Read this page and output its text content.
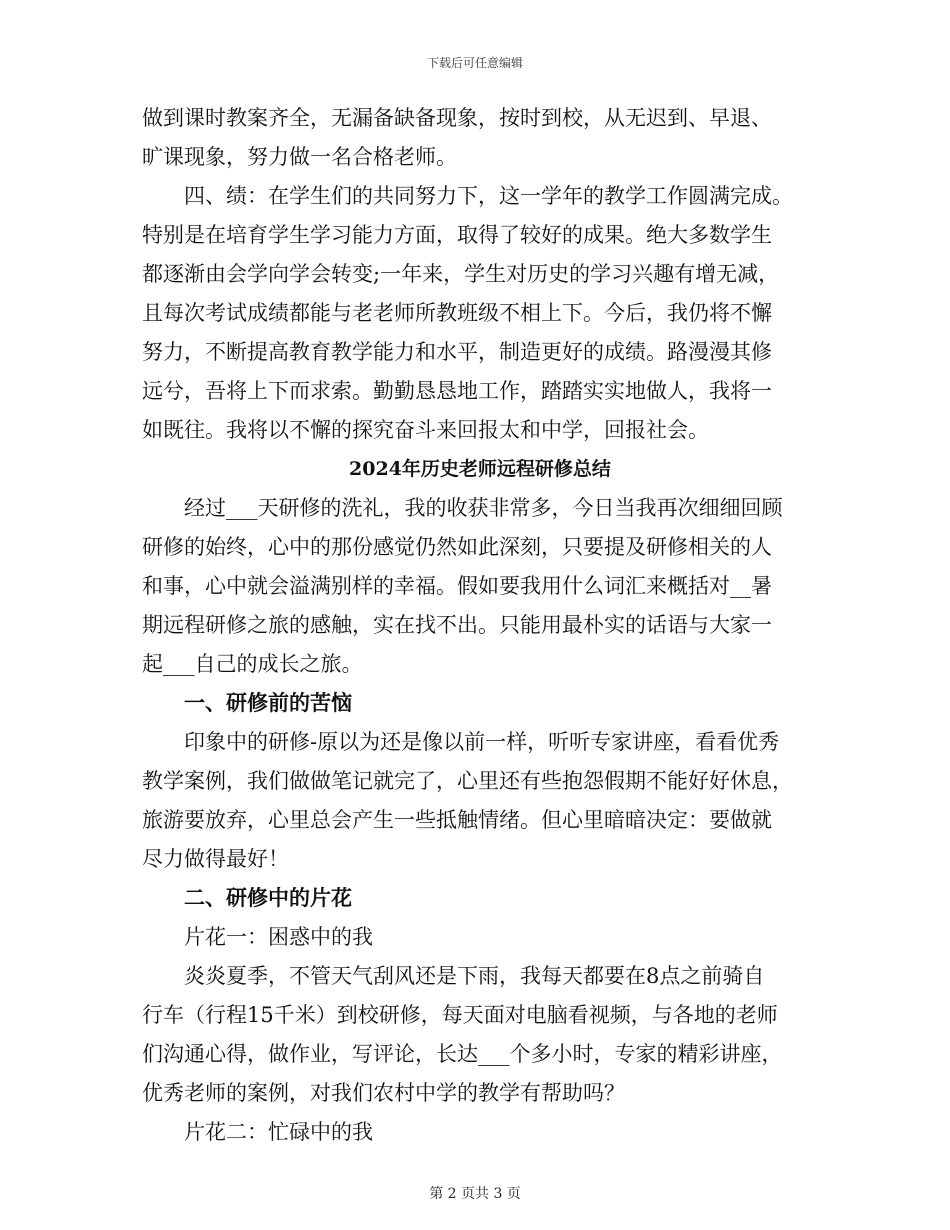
下载后可任意编辑
做到课时教案齐全，无漏备缺备现象，按时到校，从无迟到、早退、
旷课现象，努力做一名合格老师。
四、绩：在学生们的共同努力下，这一学年的教学工作圆满完成。
特别是在培育学生学习能力方面，取得了较好的成果。绝大多数学生
都逐渐由会学向学会转变;一年来，学生对历史的学习兴趣有增无减，
且每次考试成绩都能与老老师所教班级不相上下。今后，我仍将不懈
努力，不断提高教育教学能力和水平，制造更好的成绩。路漫漫其修
远兮，吾将上下而求索。勤勤恳恳地工作，踏踏实实地做人，我将一
如既往。我将以不懈的探究奋斗来回报太和中学，回报社会。
2024年历史老师远程研修总结
经过___天研修的洗礼，我的收获非常多，今日当我再次细细回顾
研修的始终，心中的那份感觉仍然如此深刻，只要提及研修相关的人
和事，心中就会溢满别样的幸福。假如要我用什么词汇来概括对__暑
期远程研修之旅的感触，实在找不出。只能用最朴实的话语与大家一
起___自己的成长之旅。
一、研修前的苦恼
印象中的研修-原以为还是像以前一样，听听专家讲座，看看优秀
教学案例，我们做做笔记就完了，心里还有些抱怨假期不能好好休息，
旅游要放弃，心里总会产生一些抵触情绪。但心里暗暗决定：要做就
尽力做得最好！
二、研修中的片花
片花一：困惑中的我
炎炎夏季，不管天气刮风还是下雨，我每天都要在8点之前骑自
行车（行程15千米）到校研修，每天面对电脑看视频，与各地的老师
们沟通心得，做作业，写评论，长达___个多小时，专家的精彩讲座，
优秀老师的案例，对我们农村中学的教学有帮助吗？
片花二：忙碌中的我
第 2 页共 3 页
